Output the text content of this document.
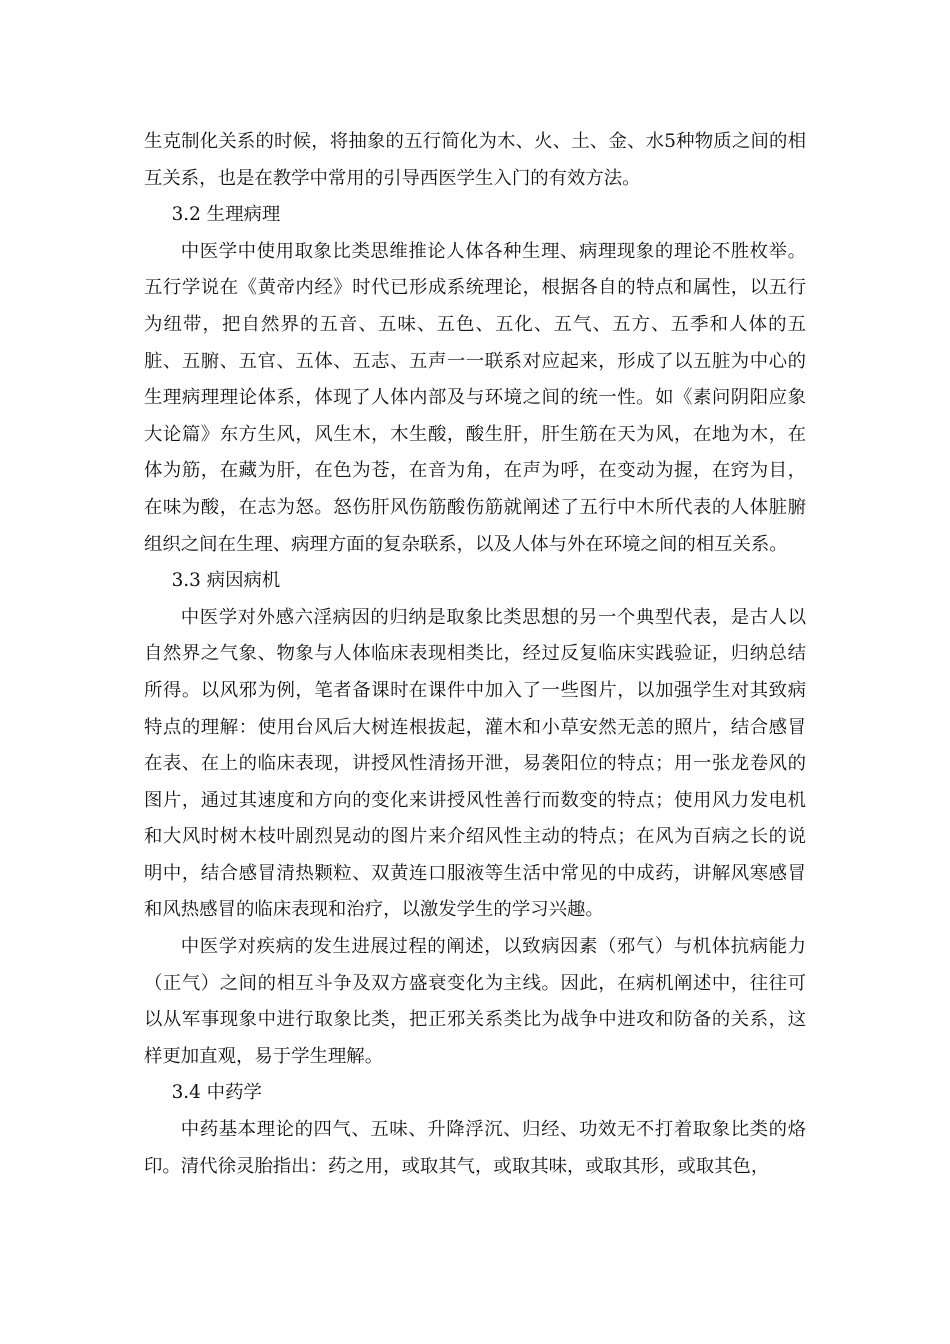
生克制化关系的时候，将抽象的五行简化为木、火、土、金、水5种物质之间的相互关系，也是在教学中常用的引导西医学生入门的有效方法。

3.2 生理病理

中医学中使用取象比类思维推论人体各种生理、病理现象的理论不胜枚举。五行学说在《黄帝内经》时代已形成系统理论，根据各自的特点和属性，以五行为纽带，把自然界的五音、五味、五色、五化、五气、五方、五季和人体的五脏、五腑、五官、五体、五志、五声一一联系对应起来，形成了以五脏为中心的生理病理理论体系，体现了人体内部及与环境之间的统一性。如《素问阴阳应象大论篇》东方生风，风生木，木生酸，酸生肝，肝生筋在天为风，在地为木，在体为筋，在藏为肝，在色为苍，在音为角，在声为呼，在变动为握，在窍为目，在味为酸，在志为怒。怒伤肝风伤筋酸伤筋就阐述了五行中木所代表的人体脏腑组织之间在生理、病理方面的复杂联系，以及人体与外在环境之间的相互关系。

3.3 病因病机

中医学对外感六淫病因的归纳是取象比类思想的另一个典型代表，是古人以自然界之气象、物象与人体临床表现相类比，经过反复临床实践验证，归纳总结所得。以风邪为例，笔者备课时在课件中加入了一些图片，以加强学生对其致病特点的理解：使用台风后大树连根拔起，灌木和小草安然无恙的照片，结合感冒在表、在上的临床表现，讲授风性清扬开泄，易袭阳位的特点；用一张龙卷风的图片，通过其速度和方向的变化来讲授风性善行而数变的特点；使用风力发电机和大风时树木枝叶剧烈晃动的图片来介绍风性主动的特点；在风为百病之长的说明中，结合感冒清热颗粒、双黄连口服液等生活中常见的中成药，讲解风寒感冒和风热感冒的临床表现和治疗，以激发学生的学习兴趣。

中医学对疾病的发生进展过程的阐述，以致病因素（邪气）与机体抗病能力（正气）之间的相互斗争及双方盛衰变化为主线。因此，在病机阐述中，往往可以从军事现象中进行取象比类，把正邪关系类比为战争中进攻和防备的关系，这样更加直观，易于学生理解。

3.4 中药学

中药基本理论的四气、五味、升降浮沉、归经、功效无不打着取象比类的烙印。清代徐灵胎指出：药之用，或取其气，或取其味，或取其形，或取其色，
